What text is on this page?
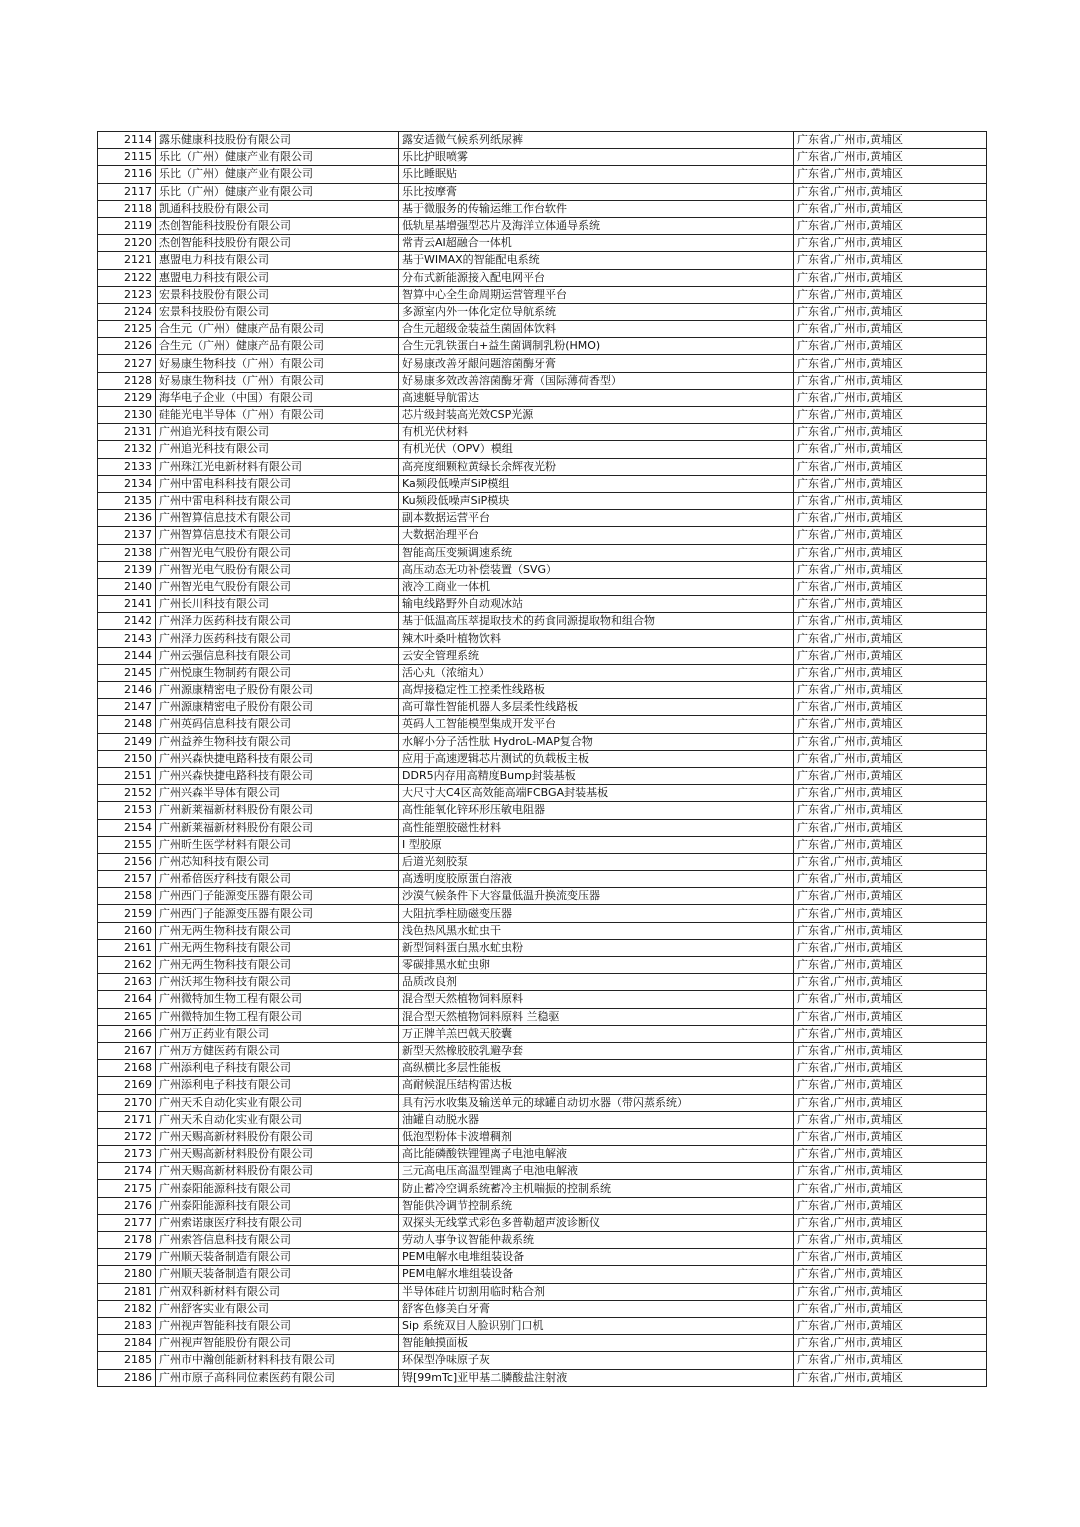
2114	露乐健康科技股份有限公司	露安适微气候系列纸尿裤	广东省,广州市,黄埔区
2115	乐比（广州）健康产业有限公司	乐比护眼喷雾	广东省,广州市,黄埔区
2116	乐比（广州）健康产业有限公司	乐比睡眠贴	广东省,广州市,黄埔区
2117	乐比（广州）健康产业有限公司	乐比按摩膏	广东省,广州市,黄埔区
2118	凯通科技股份有限公司	基于微服务的传输运维工作台软件	广东省,广州市,黄埔区
2119	杰创智能科技股份有限公司	低轨星基增强型芯片及海洋立体通导系统	广东省,广州市,黄埔区
2120	杰创智能科技股份有限公司	常青云AI超融合一体机	广东省,广州市,黄埔区
2121	惠盟电力科技有限公司	基于WIMAX的智能配电系统	广东省,广州市,黄埔区
2122	惠盟电力科技有限公司	分布式新能源接入配电网平台	广东省,广州市,黄埔区
2123	宏景科技股份有限公司	智算中心全生命周期运营管理平台	广东省,广州市,黄埔区
2124	宏景科技股份有限公司	多源室内外一体化定位导航系统	广东省,广州市,黄埔区
2125	合生元（广州）健康产品有限公司	合生元超级金装益生菌固体饮料	广东省,广州市,黄埔区
2126	合生元（广州）健康产品有限公司	合生元乳铁蛋白+益生菌调制乳粉(HMO)	广东省,广州市,黄埔区
2127	好易康生物科技（广州）有限公司	好易康改善牙龈问题溶菌酶牙膏	广东省,广州市,黄埔区
2128	好易康生物科技（广州）有限公司	好易康多效改善溶菌酶牙膏（国际薄荷香型）	广东省,广州市,黄埔区
2129	海华电子企业（中国）有限公司	高速艇导航雷达	广东省,广州市,黄埔区
2130	硅能光电半导体（广州）有限公司	芯片级封装高光效CSP光源	广东省,广州市,黄埔区
2131	广州追光科技有限公司	有机光伏材料	广东省,广州市,黄埔区
2132	广州追光科技有限公司	有机光伏（OPV）模组	广东省,广州市,黄埔区
2133	广州珠江光电新材料有限公司	高亮度细颗粒黄绿长余辉夜光粉	广东省,广州市,黄埔区
2134	广州中雷电科科技有限公司	Ka频段低噪声SiP模组	广东省,广州市,黄埔区
2135	广州中雷电科科技有限公司	Ku频段低噪声SiP模块	广东省,广州市,黄埔区
2136	广州智算信息技术有限公司	副本数据运营平台	广东省,广州市,黄埔区
2137	广州智算信息技术有限公司	大数据治理平台	广东省,广州市,黄埔区
2138	广州智光电气股份有限公司	智能高压变频调速系统	广东省,广州市,黄埔区
2139	广州智光电气股份有限公司	高压动态无功补偿装置（SVG）	广东省,广州市,黄埔区
2140	广州智光电气股份有限公司	液冷工商业一体机	广东省,广州市,黄埔区
2141	广州长川科技有限公司	输电线路野外自动观冰站	广东省,广州市,黄埔区
2142	广州泽力医药科技有限公司	基于低温高压萃提取技术的药食同源提取物和组合物	广东省,广州市,黄埔区
2143	广州泽力医药科技有限公司	辣木叶桑叶植物饮料	广东省,广州市,黄埔区
2144	广州云强信息科技有限公司	云安全管理系统	广东省,广州市,黄埔区
2145	广州悦康生物制药有限公司	活心丸（浓缩丸）	广东省,广州市,黄埔区
2146	广州源康精密电子股份有限公司	高焊接稳定性工控柔性线路板	广东省,广州市,黄埔区
2147	广州源康精密电子股份有限公司	高可靠性智能机器人多层柔性线路板	广东省,广州市,黄埔区
2148	广州英码信息科技有限公司	英码人工智能模型集成开发平台	广东省,广州市,黄埔区
2149	广州益养生物科技有限公司	水解小分子活性肽 HydroL-MAP复合物	广东省,广州市,黄埔区
2150	广州兴森快捷电路科技有限公司	应用于高速逻辑芯片测试的负载板主板	广东省,广州市,黄埔区
2151	广州兴森快捷电路科技有限公司	DDR5内存用高精度Bump封装基板	广东省,广州市,黄埔区
2152	广州兴森半导体有限公司	大尺寸大C4区高效能高端FCBGA封装基板	广东省,广州市,黄埔区
2153	广州新莱福新材料股份有限公司	高性能氧化锌环形压敏电阻器	广东省,广州市,黄埔区
2154	广州新莱福新材料股份有限公司	高性能塑胶磁性材料	广东省,广州市,黄埔区
2155	广州昕生医学材料有限公司	I 型胶原	广东省,广州市,黄埔区
2156	广州芯知科技有限公司	后道光刻胶泵	广东省,广州市,黄埔区
2157	广州希倍医疗科技有限公司	高透明度胶原蛋白溶液	广东省,广州市,黄埔区
2158	广州西门子能源变压器有限公司	沙漠气候条件下大容量低温升换流变压器	广东省,广州市,黄埔区
2159	广州西门子能源变压器有限公司	大阻抗季柱励磁变压器	广东省,广州市,黄埔区
2160	广州无两生物科技有限公司	浅色热风黑水虻虫干	广东省,广州市,黄埔区
2161	广州无两生物科技有限公司	新型饲料蛋白黑水虻虫粉	广东省,广州市,黄埔区
2162	广州无两生物科技有限公司	零碳排黑水虻虫卵	广东省,广州市,黄埔区
2163	广州沃邦生物科技有限公司	品质改良剂	广东省,广州市,黄埔区
2164	广州微特加生物工程有限公司	混合型天然植物饲料原料	广东省,广州市,黄埔区
2165	广州微特加生物工程有限公司	混合型天然植物饲料原料 兰稳驱	广东省,广州市,黄埔区
2166	广州万正药业有限公司	万正牌羊羔巴戟天胶囊	广东省,广州市,黄埔区
2167	广州万方健医药有限公司	新型天然橡胶胶乳避孕套	广东省,广州市,黄埔区
2168	广州添利电子科技有限公司	高纵横比多层性能板	广东省,广州市,黄埔区
2169	广州添利电子科技有限公司	高耐候混压结构雷达板	广东省,广州市,黄埔区
2170	广州天禾自动化实业有限公司	具有污水收集及输送单元的球罐自动切水器（带闪蒸系统）	广东省,广州市,黄埔区
2171	广州天禾自动化实业有限公司	油罐自动脱水器	广东省,广州市,黄埔区
2172	广州天赐高新材料股份有限公司	低泡型粉体卡波增稠剂	广东省,广州市,黄埔区
2173	广州天赐高新材料股份有限公司	高比能磷酸铁锂锂离子电池电解液	广东省,广州市,黄埔区
2174	广州天赐高新材料股份有限公司	三元高电压高温型锂离子电池电解液	广东省,广州市,黄埔区
2175	广州泰阳能源科技有限公司	防止蓄冷空调系统蓄冷主机喘振的控制系统	广东省,广州市,黄埔区
2176	广州泰阳能源科技有限公司	智能供冷调节控制系统	广东省,广州市,黄埔区
2177	广州索诺康医疗科技有限公司	双探头无线掌式彩色多普勒超声波诊断仪	广东省,广州市,黄埔区
2178	广州索答信息科技有限公司	劳动人事争议智能仲裁系统	广东省,广州市,黄埔区
2179	广州顺天装备制造有限公司	PEM电解水电堆组装设备	广东省,广州市,黄埔区
2180	广州顺天装备制造有限公司	PEM电解水堆组装设备	广东省,广州市,黄埔区
2181	广州双科新材料有限公司	半导体硅片切割用临时粘合剂	广东省,广州市,黄埔区
2182	广州舒客实业有限公司	舒客色修美白牙膏	广东省,广州市,黄埔区
2183	广州视声智能科技有限公司	Sip 系统双目人脸识别门口机	广东省,广州市,黄埔区
2184	广州视声智能股份有限公司	智能触摸面板	广东省,广州市,黄埔区
2185	广州市中瀚创能新材料科技有限公司	环保型净味原子灰	广东省,广州市,黄埔区
2186	广州市原子高科同位素医药有限公司	锝[99mTc]亚甲基二膦酸盐注射液	广东省,广州市,黄埔区
